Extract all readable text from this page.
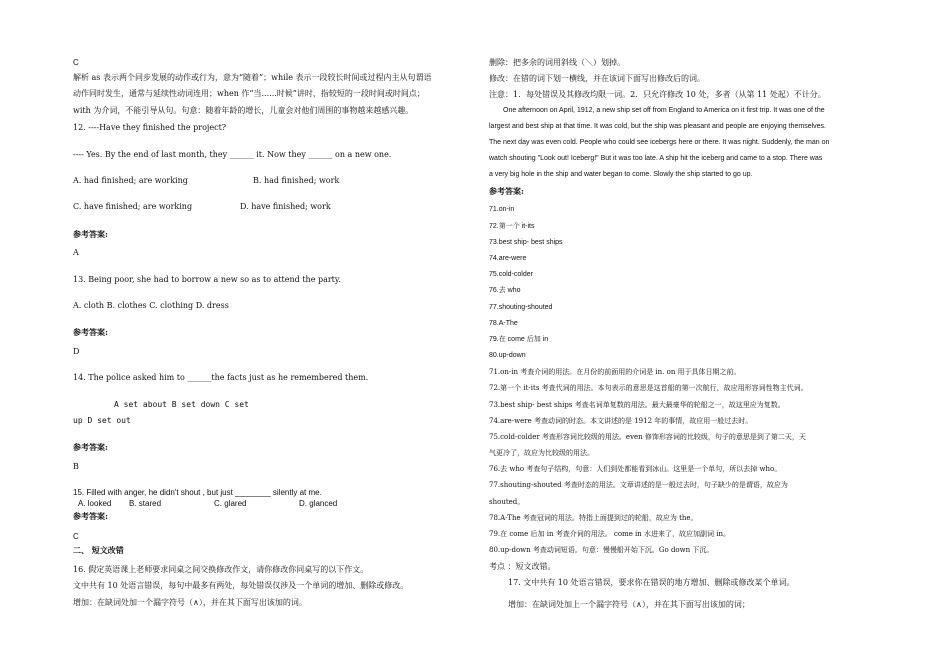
C
解析 as 表示两个同步发展的动作或行为，意为“随着”；while 表示一段较长时间或过程内主从句谓语
动作同时发生，通常与延续性动词连用；when 作“当......时候”讲时，指较短的一段时间或时间点；
with 为介词，不能引导从句。句意：随着年龄的增长，儿童会对他们周围的事物越来越感兴趣。
12. ----Have they finished the project?
---- Yes. By the end of last month, they ______ it. Now they ______ on a new one.
A. had finished; are working	B. had finished; work
C. have finished; are working	D. have finished; work
参考答案:
A
13. Being poor, she had to borrow a new so as to attend the party.
A. cloth B. clothes C. clothing D. dress
参考答案:
D
14. The police asked him to ______the facts just as he remembered them.
A set about B set down C set
up D set out
参考答案:
B
15. Filled with anger, he didn't shout , but just ________ silently at me.
A. looked B. stared	C. glared	D. glanced
参考答案:
C
二、 短文改错
16. 假定英语课上老师要求同桌之间交换修改作文，请你修改你同桌写的以下作文。
文中共有 10 处语言错误，每句中最多有两处，每处错误仅涉及一个单词的增加、删除或修改。
增加：在缺词处加一个漏字符号（∧），并在其下面写出该加的词。
删除：把多余的词用斜线（＼）划掉。
修改：在错的词下划一横线，并在该词下面写出修改后的词。
注意：1．每处错误及其修改均限一词。2．只允许修改 10 处，多者（从第 11 处起）不计分。
One afternoon on April, 1912, a new ship set off from England to America on it first trip. It was one of the
largest and best ship at that time. It was cold, but the ship was pleasant and people are enjoying themselves.
The next day was even cold. People who could see icebergs here or there. It was night. Suddenly, the man on
watch shouting "Look out! Iceberg!" But it was too late. A ship hit the iceberg and came to a stop. There was
a very big hole in the ship and water began to come. Slowly the ship started to go up.
参考答案:
71.on-in
72.第一个 it-its
73.best ship- best ships
74.are-were
75.cold-colder
76.去 who
77.shouting-shouted
78.A-The
79.在 come 后加 in
80.up-down
71.on-in 考查介词的用法。在月份的前面用的介词是 in. on 用于具体日期之前。
72.第一个 it-its 考查代词的用法。本句表示的意思是这首船的第一次航行，故应用形容词性物主代词。
73.best ship- best ships 考查名词单复数的用法。最大最豪华的轮船之一，故这里应为复数。
74.are-were 考查动词的时态。本文讲述的是 1912 年的事情，故应用一般过去时。
75.cold-colder 考查形容词比较级的用法。even 修饰形容词的比较级，句子的意思是到了第二天，天
气更冷了，故应为比较级的用法。
76.去 who 考查句子结构，句意：人们到处都能看到冰山。这里是一个单句，所以去掉 who。
77.shouting-shouted 考查时态的用法。文章讲述的是一般过去时，句子缺少的是谓语，故应为
shouted。
78.A-The 考查冠词的用法。特指上面提到过的轮船，故应为 the。
79.在 come 后加 in 考查介词的用法。 come in 水进来了，故应加副词 in。
80.up-down 考查动词短语。句意：慢慢船开始下沉。Go down 下沉。
考点 ：短文改错。
17. 文中共有 10 处语言错误，要求你在错误的地方增加、删除或修改某个单词。
增加：在缺词处加上一个漏字符号（∧），并在其下面写出该加的词；
